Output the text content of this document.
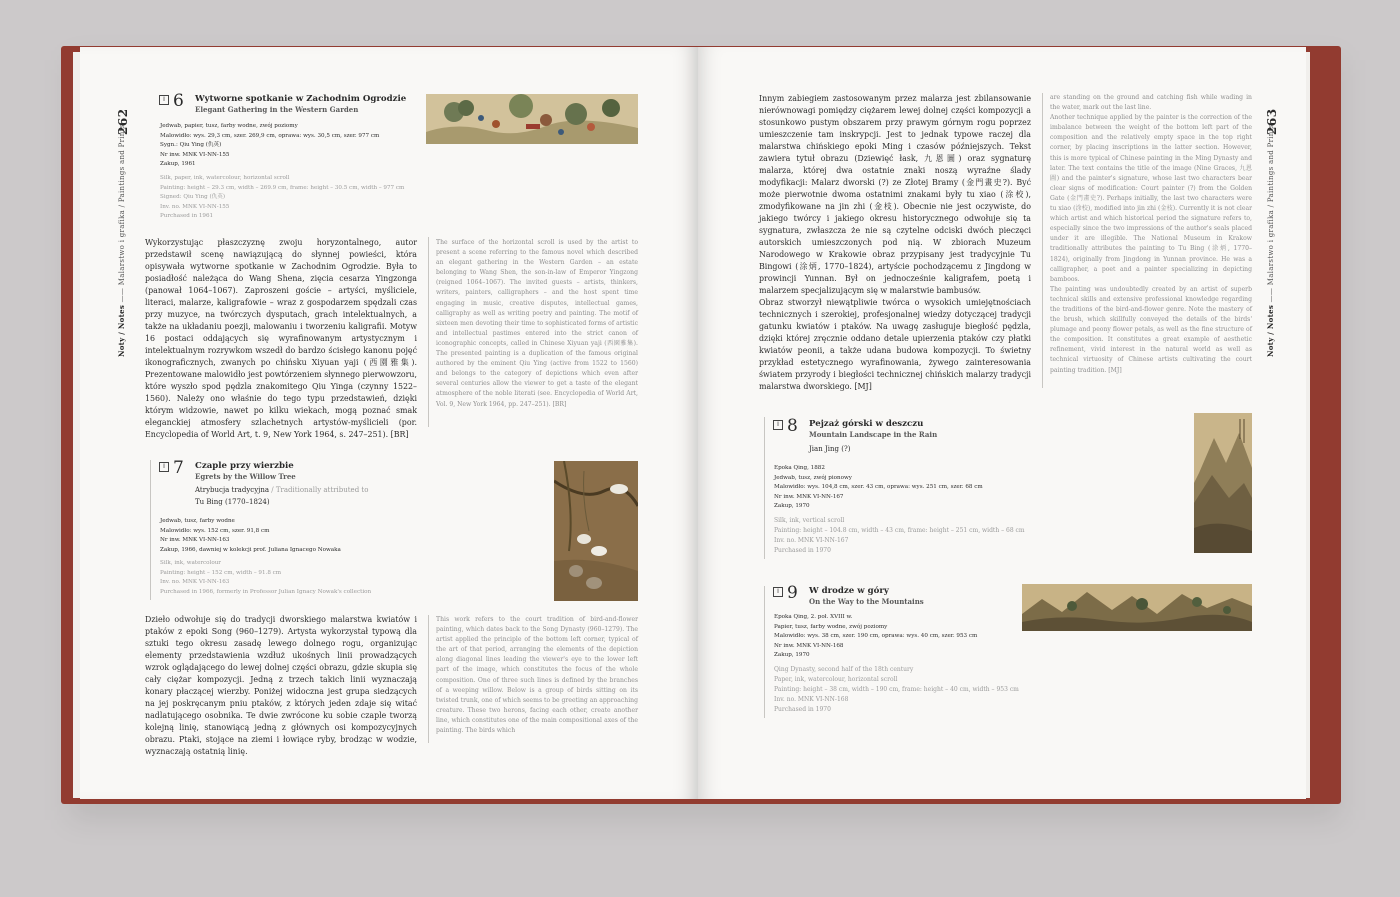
262
Noty / Notes —— Malarstwo i grafika / Paintings and Prints
I 6 Wytworne spotkanie w Zachodnim Ogrodzie
Elegant Gathering in the Western Garden
Jedwab, papier, tusz, farby wodne, zwój poziomy
Malowidło: wys. 29,3 cm, szer. 269,9 cm, oprawa: wys. 30,5 cm, szer. 977 cm
Sygn.: Qiu Ying (仇英)
Nr inw. MNK VI-NN-155
Zakup, 1961
Silk, paper, ink, watercolour, horizontal scroll
Painting: height – 29.3 cm, width – 269.9 cm, frame: height – 30.5 cm, width – 977 cm
Signed: Qiu Ying (仇英)
Inv. no. MNK VI-NN-155
Purchased in 1961
Wykorzystując płaszczyznę zwoju horyzontalnego, autor przedstawił scenę nawiązującą do słynnej powieści, która opisywała wytworne spotkanie w Zachodnim Ogrodzie. Była to posiadłość należąca do Wang Shena, zięcia cesarza Yingzonga (panował 1064–1067). Zaproszeni goście – artyści, myśliciele, literaci, malarze, kaligrafowie – wraz z gospodarzem spędzali czas przy muzyce, na twórczych dysputach, grach intelektualnych, a także na układaniu poezji, malowaniu i tworzeniu kaligrafii. Motyw 16 postaci oddających się wyrafinowanym artystycznym i intelektualnym rozrywkom wszedł do bardzo ścisłego kanonu pojęć ikonograficznych, zwanych po chińsku Xiyuan yaji (西園雅集). Prezentowane malowidło jest powtórzeniem słynnego pierwowzoru, które wyszło spod pędzla znakomitego Qiu Yinga (czynny 1522–1560). Należy ono właśnie do tego typu przedstawień, dzięki którym widzowie, nawet po kilku wiekach, mogą poznać smak eleganckiej atmosfery szlachetnych artystów-myślicieli (por. Encyclopedia of World Art, t. 9, New York 1964, s. 247–251). [BR]
The surface of the horizontal scroll is used by the artist to present a scene referring to the famous novel which described an elegant gathering in the Western Garden – an estate belonging to Wang Shen, the son-in-law of Emperor Yingzong (reigned 1064–1067). The invited guests – artists, thinkers, writers, painters, calligraphers – and the host spent time engaging in music, creative disputes, intellectual games, calligraphy as well as writing poetry and painting. The motif of sixteen men devoting their time to sophisticated forms of artistic and intellectual pastimes entered into the strict canon of iconographic concepts, called in Chinese Xiyuan yaji (西園雅集). The presented painting is a duplication of the famous original authored by the eminent Qiu Ying (active from 1522 to 1560) and belongs to the category of depictions which even after several centuries allow the viewer to get a taste of the elegant atmosphere of the noble literati (see. Encyclopedia of World Art, Vol. 9, New York 1964, pp. 247–251). [BR]
I 7 Czaple przy wierzbie
Egrets by the Willow Tree
Atrybucja tradycyjna / Traditionally attributed to
Tu Bing (1770–1824)
Jedwab, tusz, farby wodne
Malowidło: wys. 152 cm, szer. 91,8 cm
Nr inw. MNK VI-NN-163
Zakup, 1966, dawniej w kolekcji prof. Juliana Ignacego Nowaka
Silk, ink, watercolour
Painting: height – 152 cm, width – 91.8 cm
Inv. no. MNK VI-NN-163
Purchased in 1966, formerly in Professor Julian Ignacy Nowak's collection
Dzieło odwołuje się do tradycji dworskiego malarstwa kwiatów i ptaków z epoki Song (960–1279). Artysta wykorzystał typową dla sztuki tego okresu zasadę lewego dolnego rogu, organizując elementy przedstawienia wzdłuż ukośnych linii prowadzących wzrok oglądającego do lewej dolnej części obrazu, gdzie skupia się cały ciężar kompozycji. Jedną z trzech takich linii wyznaczają konary płaczącej wierzby. Poniżej widoczna jest grupa siedzących na jej poskręcanym pniu ptaków, z których jeden zdaje się witać nadlatującego osobnika. Te dwie zwrócone ku sobie czaple tworzą kolejną linię, stanowiącą jedną z głównych osi kompozycyjnych obrazu. Ptaki, stojące na ziemi i łowiące ryby, brodząc w wodzie, wyznaczają ostatnią linię.
This work refers to the court tradition of bird-and-flower painting, which dates back to the Song Dynasty (960–1279). The artist applied the principle of the bottom left corner, typical of the art of that period, arranging the elements of the depiction along diagonal lines leading the viewer's eye to the lower left part of the image, which constitutes the focus of the whole composition. One of three such lines is defined by the branches of a weeping willow. Below is a group of birds sitting on its twisted trunk, one of which seems to be greeting an approaching creature. These two herons, facing each other, create another line, which constitutes one of the main compositional axes of the painting. The birds which
263
Noty / Notes —— Malarstwo i grafika / Paintings and Prints

Innym zabiegiem zastosowanym przez malarza jest zbilansowanie nierównowagi pomiędzy ciężarem lewej dolnej części kompozycji a stosunkowo pustym obszarem przy prawym górnym rogu poprzez umieszczenie tam inskrypcji. Jest to jednak typowe raczej dla malarstwa chińskiego epoki Ming i czasów późniejszych. Tekst zawiera tytuł obrazu (Dziewięć łask, 九恩圖) oraz sygnaturę malarza, której dwa ostatnie znaki noszą wyraźne ślady modyfikacji: Malarz dworski (?) ze Złotej Bramy (金門畫史?). Być może pierwotnie dwoma ostatnimi znakami były tu xiao (涂校), zmodyfikowane na jin zhi (金枝). Obecnie nie jest oczywiste, do jakiego twórcy i jakiego okresu historycznego odwołuje się ta sygnatura, zwłaszcza że nie są czytelne odciski dwóch pieczęci autorskich umieszczonych pod nią. W zbiorach Muzeum Narodowego w Krakowie obraz przypisany jest tradycyjnie Tu Bingowi (涂炳, 1770–1824), artyście pochodzącemu z Jingdong w prowincji Yunnan. Był on jednocześnie kaligrafem, poetą i malarzem specjalizującym się w malarstwie bambusów.

Obraz stworzył niewątpliwie twórca o wysokich umiejętnościach technicznych i szerokiej, profesjonalnej wiedzy dotyczącej tradycji gatunku kwiatów i ptaków. Na uwagę zasługuje biegłość pędzla, dzięki której zręcznie oddano detale upierzenia ptaków czy płatki kwiatów peonii, a także udana budowa kompozycji. To świetny przykład estetycznego wyrafinowania, żywego zainteresowania światem przyrody i biegłości technicznej chińskich malarzy tradycji malarstwa dworskiego. [MJ]

are standing on the ground and catching fish while wading in the water, mark out the last line.

Another technique applied by the painter is the correction of the imbalance between the weight of the bottom left part of the composition and the relatively empty space in the top right corner, by placing inscriptions in the latter section. However, this is more typical of Chinese painting in the Ming Dynasty and later. The text contains the title of the image (Nine Graces, 九恩圖) and the painter's signature, whose last two characters bear clear signs of modification: Court painter (?) from the Golden Gate (金門畫史?). Perhaps initially, the last two characters were tu xiao (涂校), modified into jin zhi (金枝). Currently it is not clear which artist and which historical period the signature refers to, especially since the two impressions of the author's seals placed under it are illegible. The National Museum in Krakow traditionally attributes the painting to Tu Bing (涂炳, 1770–1824), originally from Jingdong in Yunnan province. He was a calligrapher, a poet and a painter specializing in depicting bamboos.

The painting was undoubtedly created by an artist of superb technical skills and extensive professional knowledge regarding the traditions of the bird-and-flower genre. Note the mastery of the brush, which skillfully conveyed the details of the birds' plumage and peony flower petals, as well as the fine structure of the composition. It constitutes a great example of aesthetic refinement, vivid interest in the natural world as well as technical virtuosity of Chinese artists cultivating the court painting tradition. [MJ]

I 8 Pejzaż górski w deszczu
Mountain Landscape in the Rain
Jian Jing (?)
Epoka Qing, 1882
Jedwab, tusz, zwój pionowy
Malowidło: wys. 104,8 cm, szer. 43 cm, oprawa: wys. 251 cm, szer. 68 cm
Nr inw. MNK VI-NN-167
Zakup, 1970
Silk, ink, vertical scroll
Painting: height – 104.8 cm, width – 43 cm, frame: height – 251 cm, width – 68 cm
Inv. no. MNK VI-NN-167
Purchased in 1970
I 9 W drodze w góry
On the Way to the Mountains
Epoka Qing, 2. poł. XVIII w.
Papier, tusz, farby wodne, zwój poziomy
Malowidło: wys. 38 cm, szer. 190 cm, oprawa: wys. 40 cm, szer. 953 cm
Nr inw. MNK VI-NN-168
Zakup, 1970
Qing Dynasty, second half of the 18th century
Paper, ink, watercolour, horizontal scroll
Painting: height – 38 cm, width – 190 cm, frame: height – 40 cm, width – 953 cm
Inv. no. MNK VI-NN-168
Purchased in 1970
